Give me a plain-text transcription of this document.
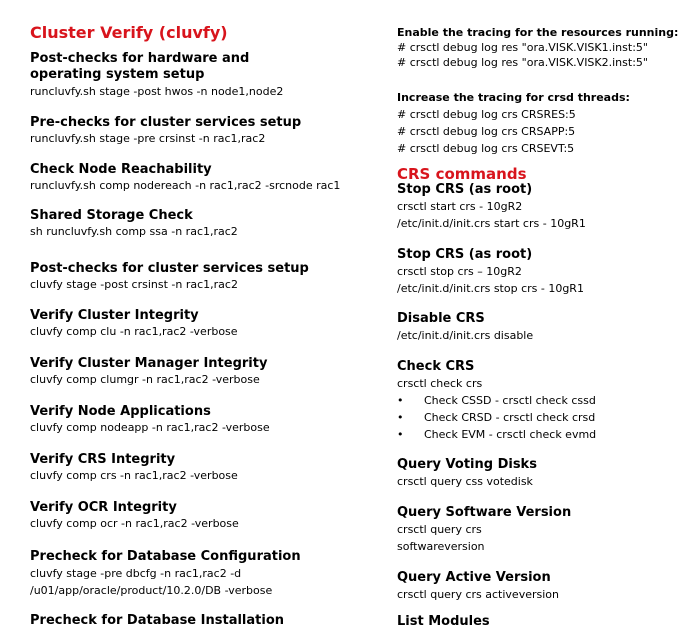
Cluster Verify (cluvfy)
Post-checks for hardware and operating system setup
runcluvfy.sh stage -post hwos -n node1,node2
Pre-checks for cluster services setup
runcluvfy.sh stage -pre crsinst -n rac1,rac2
Check Node Reachability
runcluvfy.sh comp nodereach -n rac1,rac2 -srcnode rac1
Shared Storage Check
sh runcluvfy.sh comp ssa -n rac1,rac2
Post-checks for cluster services setup
cluvfy stage -post crsinst -n rac1,rac2
Verify Cluster Integrity
cluvfy comp clu -n rac1,rac2 -verbose
Verify Cluster Manager Integrity
cluvfy comp clumgr -n rac1,rac2 -verbose
Verify Node Applications
cluvfy comp nodeapp -n rac1,rac2 -verbose
Verify CRS Integrity
cluvfy comp crs -n rac1,rac2 -verbose
Verify OCR Integrity
cluvfy comp ocr -n rac1,rac2 -verbose
Precheck for Database Configuration
cluvfy stage -pre dbcfg -n rac1,rac2 -d
/u01/app/oracle/product/10.2.0/DB -verbose
Precheck for Database Installation
Enable the tracing for the resources running:
# crsctl debug log res "ora.VISK.VISK1.inst:5"
# crsctl debug log res "ora.VISK.VISK2.inst:5"
Increase the tracing for crsd threads:
# crsctl debug log crs CRSRES:5
# crsctl debug log crs CRSAPP:5
# crsctl debug log crs CRSEVT:5
CRS commands
Stop CRS (as root)
crsctl start crs - 10gR2
/etc/init.d/init.crs start crs - 10gR1
Stop CRS (as root)
crsctl stop crs – 10gR2
/etc/init.d/init.crs stop crs - 10gR1
Disable CRS
/etc/init.d/init.crs disable
Check CRS
crsctl check crs
• Check CSSD - crsctl check cssd
• Check CRSD - crsctl check crsd
• Check EVM - crsctl check evmd
Query Voting Disks
crsctl query css votedisk
Query Software Version
crsctl query crs
softwareversion
Query Active Version
crsctl query crs activeversion
List Modules
